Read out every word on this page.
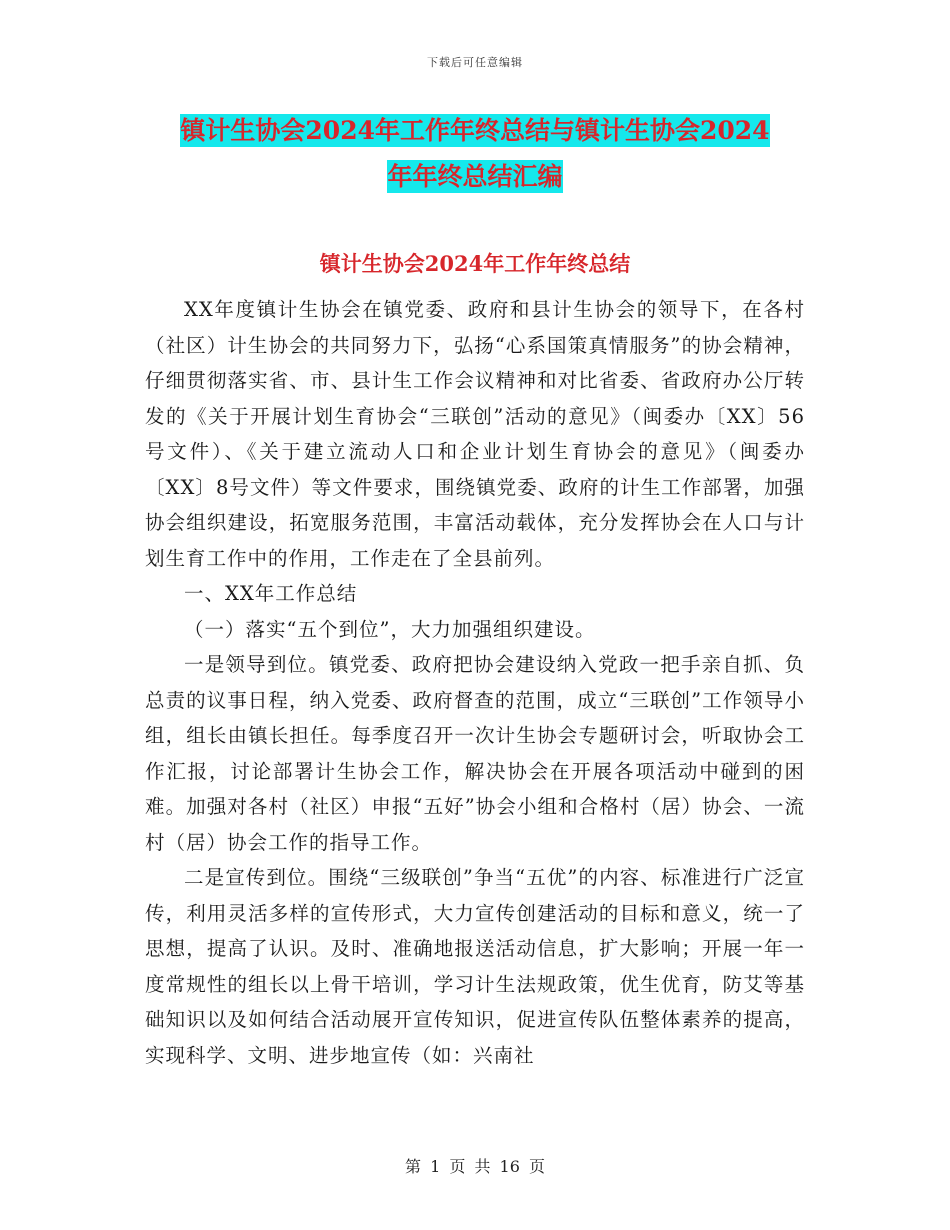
下载后可任意编辑
镇计生协会2024年工作年终总结与镇计生协会2024
年年终总结汇编
镇计生协会2024年工作年终总结

XX年度镇计生协会在镇党委、政府和县计生协会的领导下，在各村（社区）计生协会的共同努力下，弘扬“心系国策真情服务”的协会精神，仔细贯彻落实省、市、县计生工作会议精神和对比省委、省政府办公厅转发的《关于开展计划生育协会“三联创”活动的意见》（闽委办〔XX〕56号文件）、《关于建立流动人口和企业计划生育协会的意见》（闽委办〔XX〕8号文件）等文件要求，围绕镇党委、政府的计生工作部署，加强协会组织建设，拓宽服务范围，丰富活动载体，充分发挥协会在人口与计划生育工作中的作用，工作走在了全县前列。

一、XX年工作总结

（一）落实“五个到位”，大力加强组织建设。

一是领导到位。镇党委、政府把协会建设纳入党政一把手亲自抓、负总责的议事日程，纳入党委、政府督查的范围，成立“三联创”工作领导小组，组长由镇长担任。每季度召开一次计生协会专题研讨会，听取协会工作汇报，讨论部署计生协会工作，解决协会在开展各项活动中碰到的困难。加强对各村（社区）申报“五好”协会小组和合格村（居）协会、一流村（居）协会工作的指导工作。

二是宣传到位。围绕“三级联创”争当“五优”的内容、标准进行广泛宣传，利用灵活多样的宣传形式，大力宣传创建活动的目标和意义，统一了思想，提高了认识。及时、准确地报送活动信息，扩大影响；开展一年一度常规性的组长以上骨干培训，学习计生法规政策，优生优育，防艾等基础知识以及如何结合活动展开宣传知识，促进宣传队伍整体素养的提高，实现科学、文明、进步地宣传（如：兴南社

第 1 页 共 16 页
